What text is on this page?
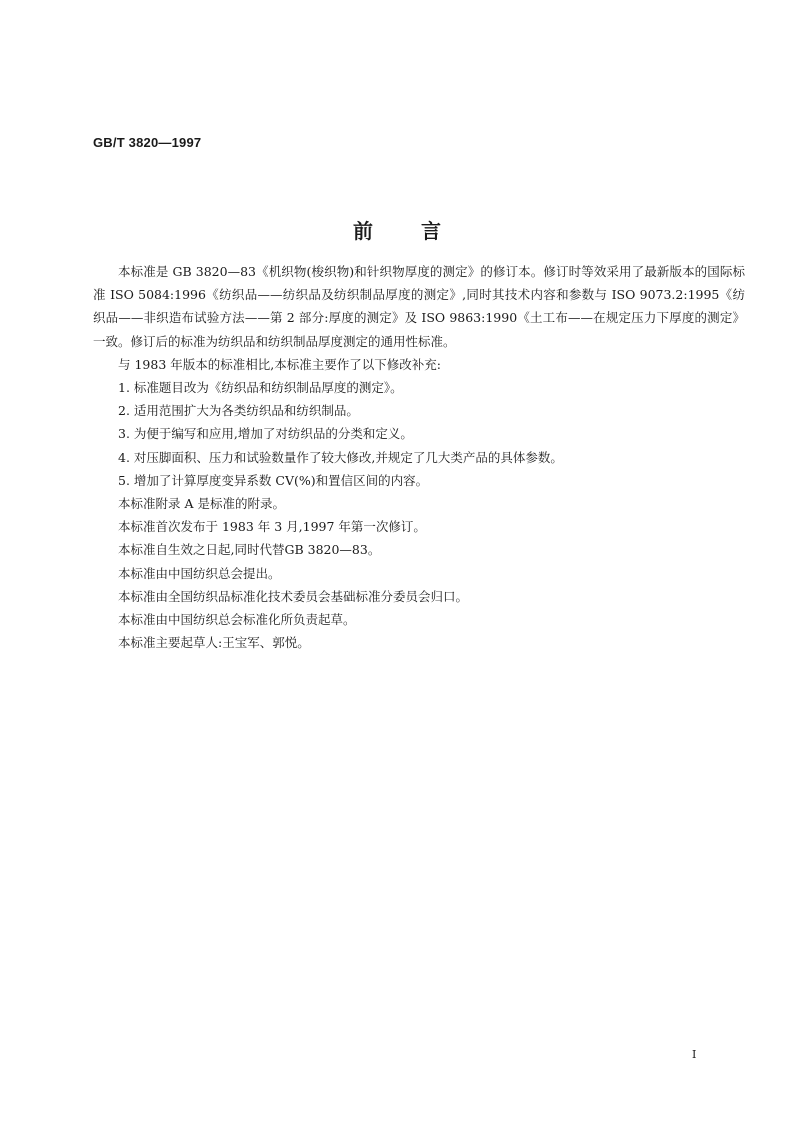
GB/T 3820—1997
前言

本标准是 GB 3820—83《机织物(梭织物)和针织物厚度的测定》的修订本。修订时等效采用了最新版本的国际标准 ISO 5084:1996《纺织品——纺织品及纺织制品厚度的测定》,同时其技术内容和参数与 ISO 9073.2:1995《纺织品——非织造布试验方法——第 2 部分:厚度的测定》及 ISO 9863:1990《土工布——在规定压力下厚度的测定》一致。修订后的标准为纺织品和纺织制品厚度测定的通用性标准。

与 1983 年版本的标准相比,本标准主要作了以下修改补充:

1. 标准题目改为《纺织品和纺织制品厚度的测定》。

2. 适用范围扩大为各类纺织品和纺织制品。

3. 为便于编写和应用,增加了对纺织品的分类和定义。

4. 对压脚面积、压力和试验数量作了较大修改,并规定了几大类产品的具体参数。

5. 增加了计算厚度变异系数 CV(%)和置信区间的内容。

本标准附录 A 是标准的附录。

本标准首次发布于 1983 年 3 月,1997 年第一次修订。

本标准自生效之日起,同时代替GB 3820—83。

本标准由中国纺织总会提出。

本标准由全国纺织品标准化技术委员会基础标准分委员会归口。

本标准由中国纺织总会标准化所负责起草。

本标准主要起草人:王宝军、郭悦。

I
